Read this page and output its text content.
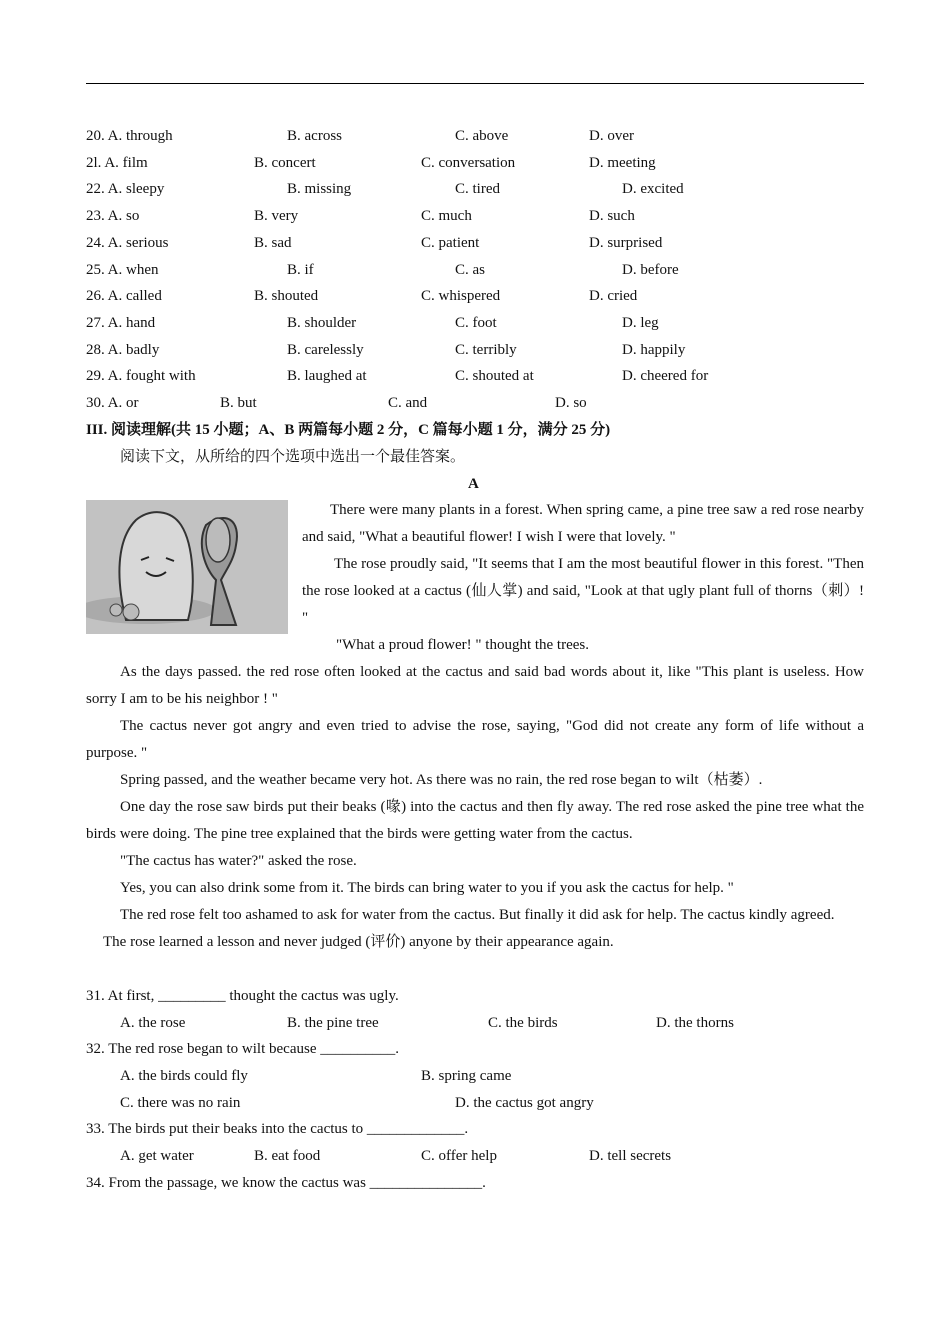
20. A. through	B. across	C. above	D. over
2l. A. film	B. concert	C. conversation	D. meeting
22. A. sleepy	B. missing	C. tired	D. excited
23. A. so	B. very	C. much	D. such
24. A. serious	B. sad	C. patient	D. surprised
25. A. when	B. if	C. as	D. before
26. A. called	B. shouted	C. whispered	D. cried
27. A. hand	B. shoulder	C. foot	D. leg
28. A. badly	B. carelessly	C. terribly	D. happily
29. A. fought with	B. laughed at	C. shouted at	D. cheered for
30. A. or	B. but	C. and	D. so
III. 阅读理解(共 15 小题；A、B 两篇每小题 2 分，C 篇每小题 1 分，满分 25 分)
阅读下文，从所给的四个选项中选出一个最佳答案。
A

There were many plants in a forest. When spring came, a pine tree saw a red rose nearby and said, "What a beautiful flower! I wish I were that lovely. "

The rose proudly said, "It seems that I am the most beautiful flower in this forest. "Then the rose looked at a cactus (仙人掌) and said, "Look at that ugly plant full of thorns（刺）! "

"What a proud flower! " thought the trees.

As the days passed. the red rose often looked at the cactus and said bad words about it, like "This plant is useless. How sorry I am to be his neighbor ! "

The cactus never got angry and even tried to advise the rose, saying, "God did not create any form of life without a purpose. "

Spring passed, and the weather became very hot. As there was no rain, the red rose began to wilt（枯萎）.

One day the rose saw birds put their beaks (喙) into the cactus and then fly away. The red rose asked the pine tree what the birds were doing. The pine tree explained that the birds were getting water from the cactus.

"The cactus has water?" asked the rose.

Yes, you can also drink some from it. The birds can bring water to you if you ask the cactus for help. "

The red rose felt too ashamed to ask for water from the cactus. But finally it did ask for help. The cactus kindly agreed.

The rose learned a lesson and never judged (评价) anyone by their appearance again.

31. At first, _________ thought the cactus was ugly.
A. the rose	B. the pine tree	C. the birds	D. the thorns
32. The red rose began to wilt because __________.
A. the birds could fly	B. spring came
C. there was no rain	D. the cactus got angry
33. The birds put their beaks into the cactus to _____________.
A. get water	B. eat food	C. offer help	D. tell secrets
34. From the passage, we know the cactus was _______________.
